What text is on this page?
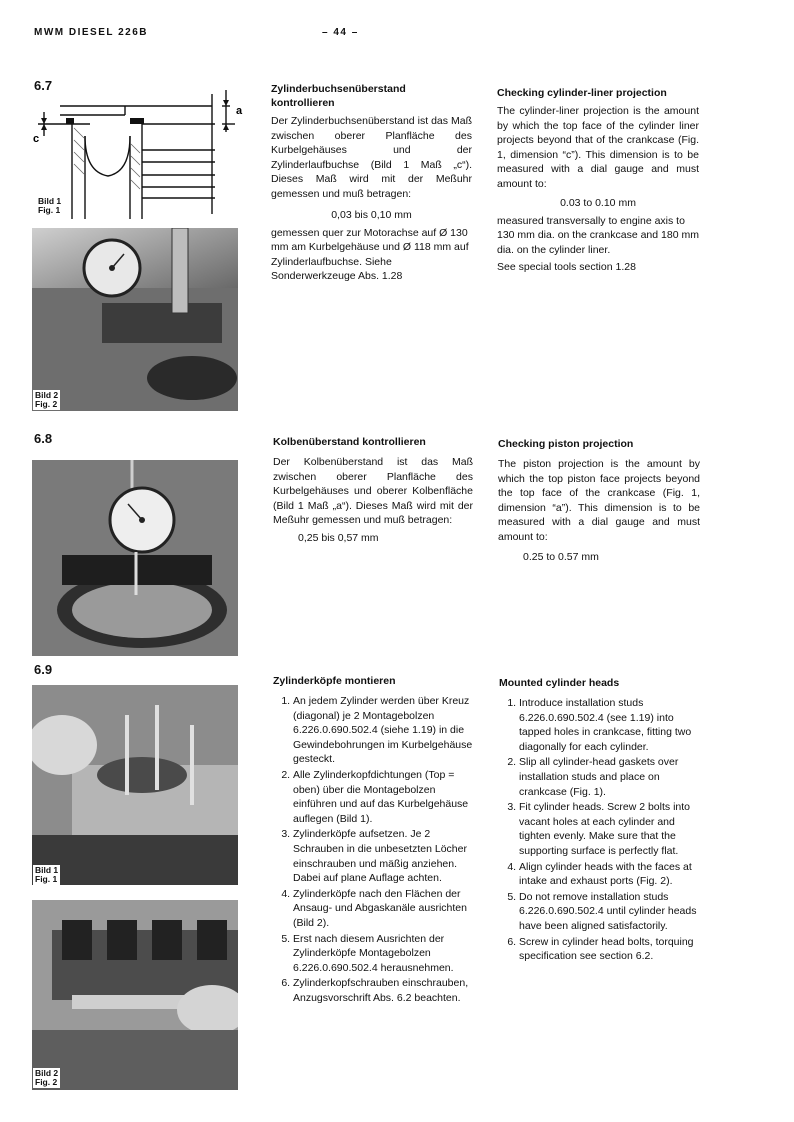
MWM DIESEL 226B	– 44 –
6.7
a
c
Bild 1
Fig. 1
Bild 2
Fig. 2
Zylinderbuchsenüberstand kontrollieren
Der Zylinderbuchsenüberstand ist das Maß zwischen oberer Planfläche des Kurbelgehäuses und der Zylinderlaufbuchse (Bild 1 Maß „c“). Dieses Maß wird mit der Meßuhr gemessen und muß betragen:
0,03 bis 0,10 mm
gemessen quer zur Motorachse auf Ø 130 mm am Kurbelgehäuse und Ø 118 mm auf Zylinderlaufbuchse. Siehe Sonderwerkzeuge Abs. 1.28
Checking cylinder-liner projection
The cylinder-liner projection is the amount by which the top face of the cylinder liner projects beyond that of the crankcase (Fig. 1, dimension “c”). This dimension is to be measured with a dial gauge and must amount to:
0.03 to 0.10 mm
measured transversally to engine axis to 130 mm dia. on the crankcase and 180 mm dia. on the cylinder liner.
See special tools section 1.28
6.8	Kolbenüberstand kontrollieren
Der Kolbenüberstand ist das Maß zwischen oberer Planfläche des Kurbelgehäuses und oberer Kolbenfläche (Bild 1 Maß „a“). Dieses Maß wird mit der Meßuhr gemessen und muß betragen:
0,25 bis 0,57 mm
Checking piston projection
The piston projection is the amount by which the top piston face projects beyond the top face of the crankcase (Fig. 1, dimension “a”). This dimension is to be measured with a dial gauge and must amount to:
0.25 to 0.57 mm
6.9
Bild 1
Fig. 1
Bild 2
Fig. 2
Zylinderköpfe montieren
1. An jedem Zylinder werden über Kreuz (diagonal) je 2 Montagebolzen 6.226.0.690.502.4 (siehe 1.19) in die Gewindebohrungen im Kurbelgehäuse gesteckt.
2. Alle Zylinderkopfdichtungen (Top = oben) über die Montagebolzen einführen und auf das Kurbelgehäuse auflegen (Bild 1).
3. Zylinderköpfe aufsetzen. Je 2 Schrauben in die unbesetzten Löcher einschrauben und mäßig anziehen. Dabei auf plane Auflage achten.
4. Zylinderköpfe nach den Flächen der Ansaug- und Abgaskanäle ausrichten (Bild 2).
5. Erst nach diesem Ausrichten der Zylinderköpfe Montagebolzen 6.226.0.690.502.4 herausnehmen.
6. Zylinderkopfschrauben einschrauben, Anzugsvorschrift Abs. 6.2 beachten.
Mounted cylinder heads
1. Introduce installation studs 6.226.0.690.502.4 (see 1.19) into tapped holes in crankcase, fitting two diagonally for each cylinder.
2. Slip all cylinder-head gaskets over installation studs and place on crankcase (Fig. 1).
3. Fit cylinder heads. Screw 2 bolts into vacant holes at each cylinder and tighten evenly. Make sure that the supporting surface is perfectly flat.
4. Align cylinder heads with the faces at intake and exhaust ports (Fig. 2).
5. Do not remove installation studs 6.226.0.690.502.4 until cylinder heads have been aligned satisfactorily.
6. Screw in cylinder head bolts, torquing specification see section 6.2.
